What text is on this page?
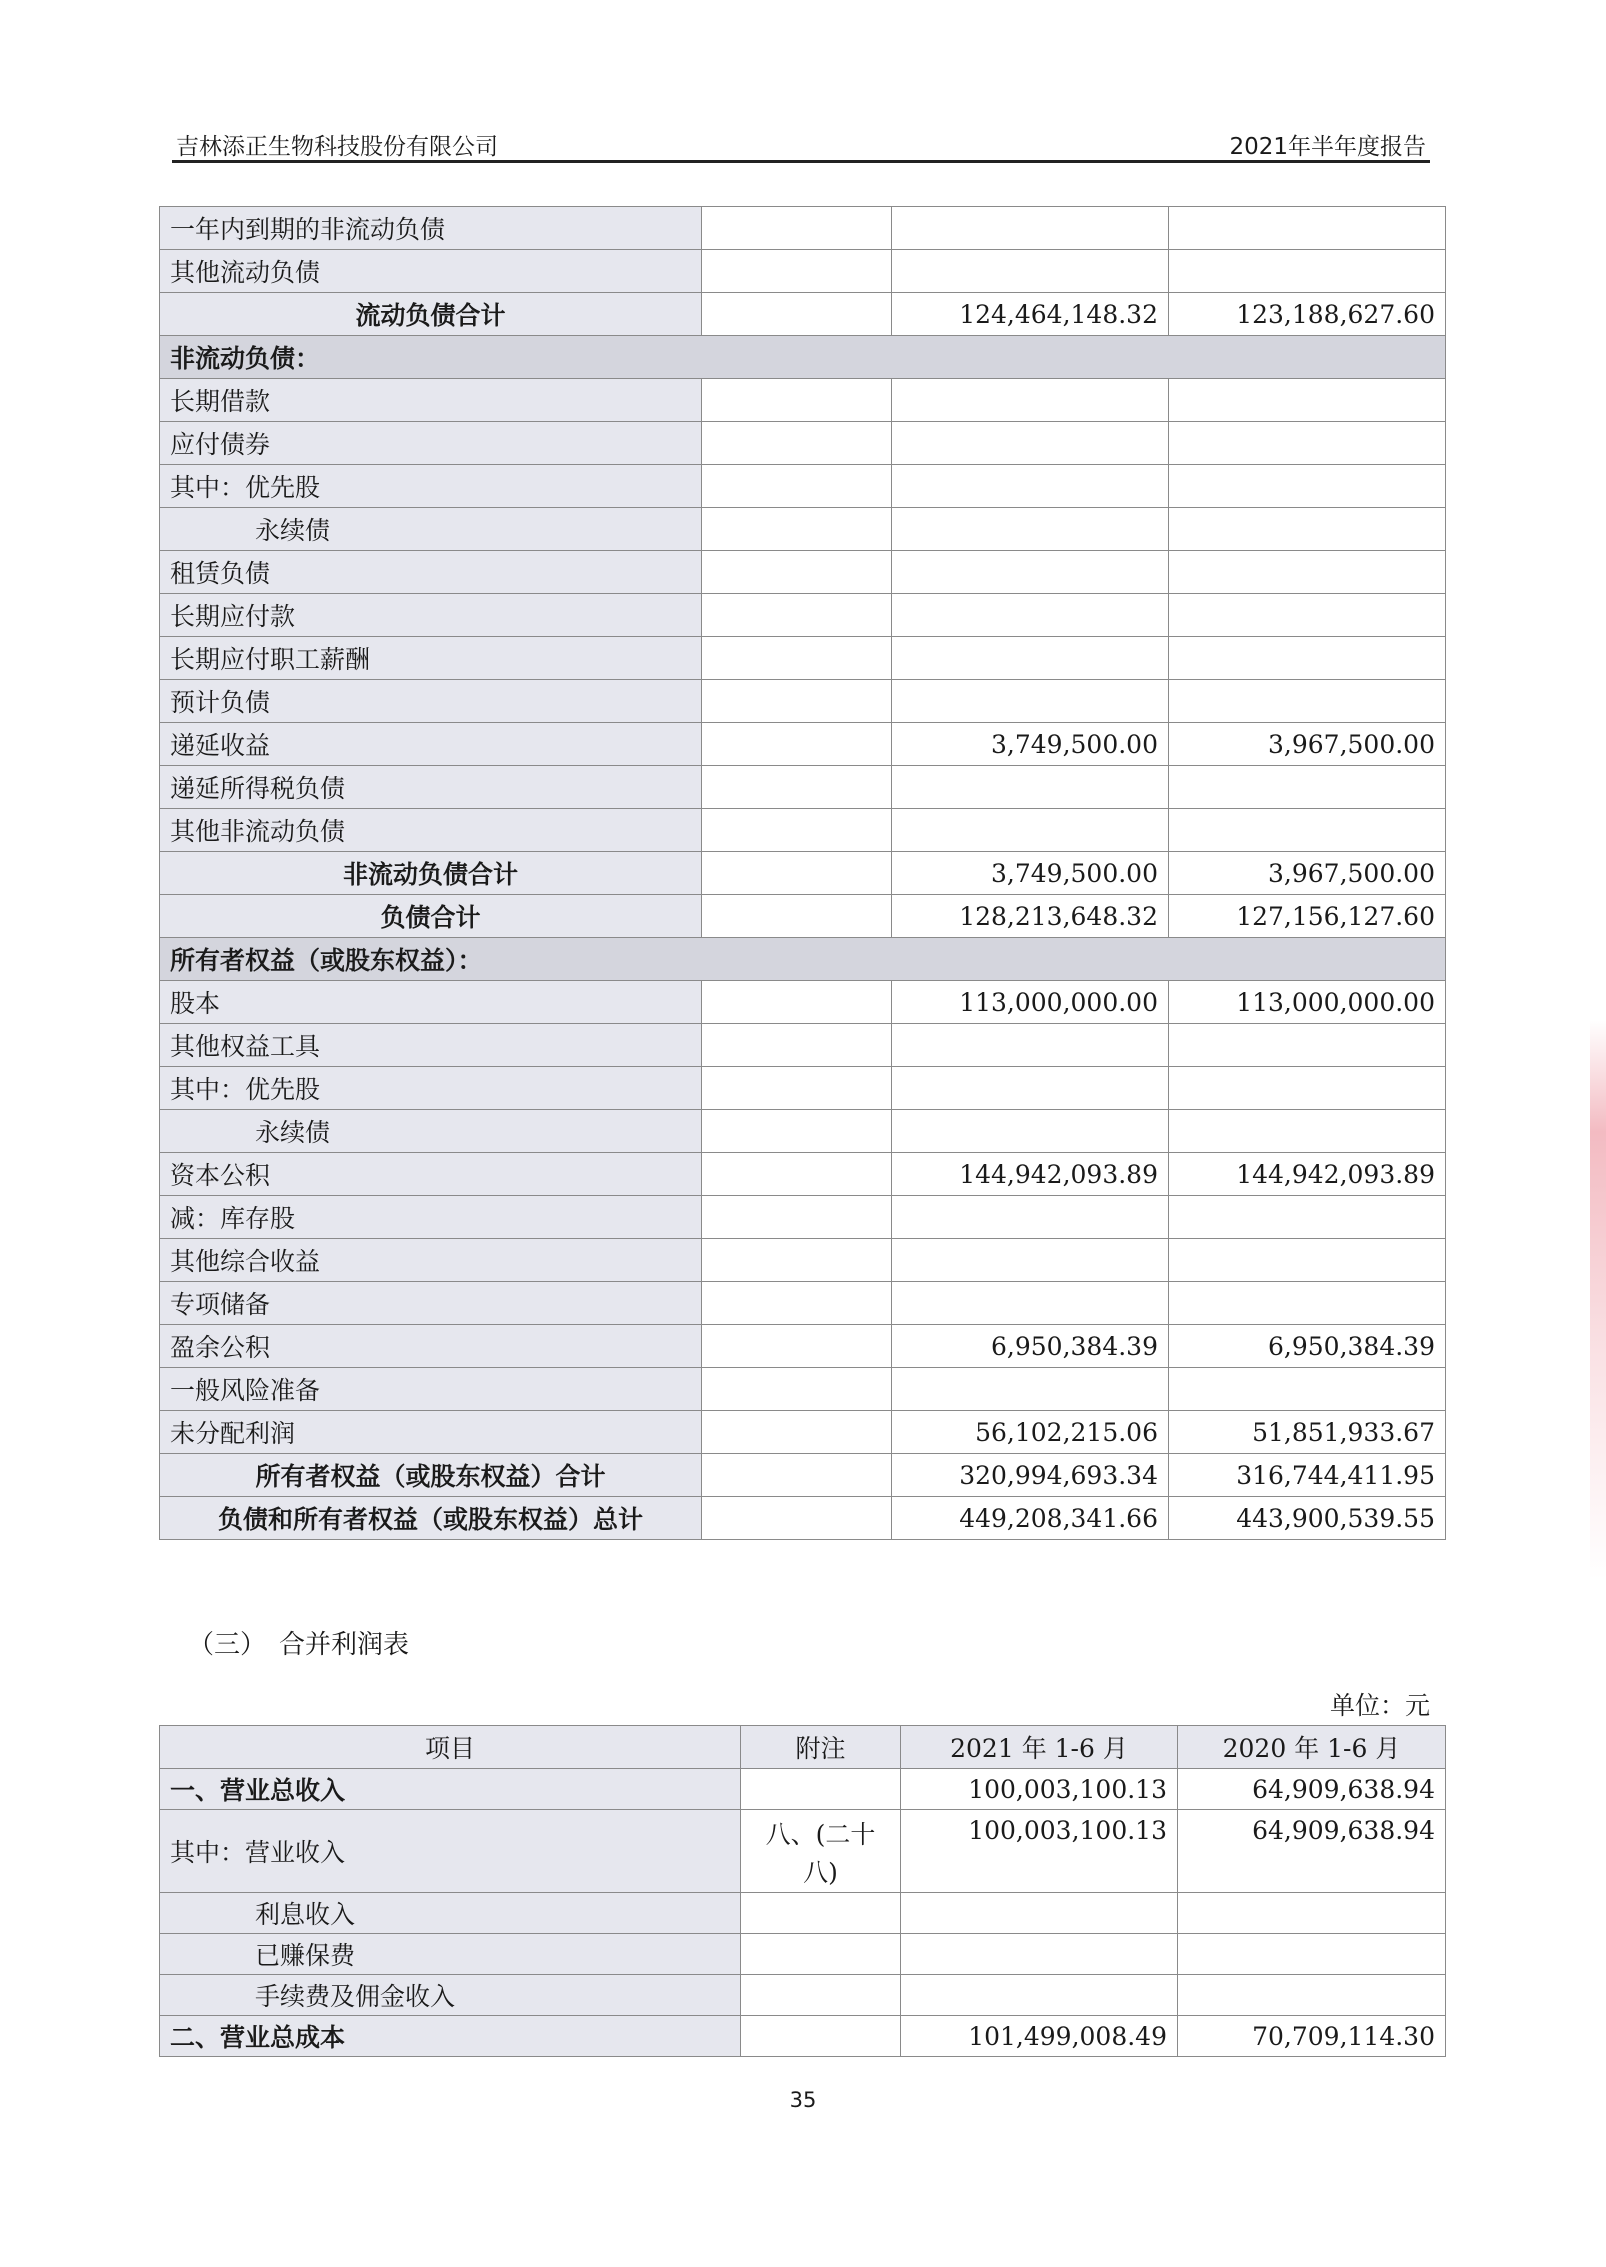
吉林添正生物科技股份有限公司	2021年半年度报告
一年内到期的非流动负债			
其他流动负债			
流动负债合计		124,464,148.32	123,188,627.60
非流动负债：			
长期借款			
应付债券			
其中：优先股			
永续债			
租赁负债			
长期应付款			
长期应付职工薪酬			
预计负债			
递延收益		3,749,500.00	3,967,500.00
递延所得税负债			
其他非流动负债			
非流动负债合计		3,749,500.00	3,967,500.00
负债合计		128,213,648.32	127,156,127.60
所有者权益（或股东权益）：			
股本		113,000,000.00	113,000,000.00
其他权益工具			
其中：优先股			
永续债			
资本公积		144,942,093.89	144,942,093.89
减：库存股			
其他综合收益			
专项储备			
盈余公积		6,950,384.39	6,950,384.39
一般风险准备			
未分配利润		56,102,215.06	51,851,933.67
所有者权益（或股东权益）合计		320,994,693.34	316,744,411.95
负债和所有者权益（或股东权益）总计		449,208,341.66	443,900,539.55
（三）　合并利润表
单位：元
项目	附注	2021 年 1-6 月	2020 年 1-6 月
一、营业总收入		100,003,100.13	64,909,638.94
其中：营业收入	八、(二十八)	100,003,100.13	64,909,638.94
利息收入			
已赚保费			
手续费及佣金收入			
二、营业总成本		101,499,008.49	70,709,114.30
35
